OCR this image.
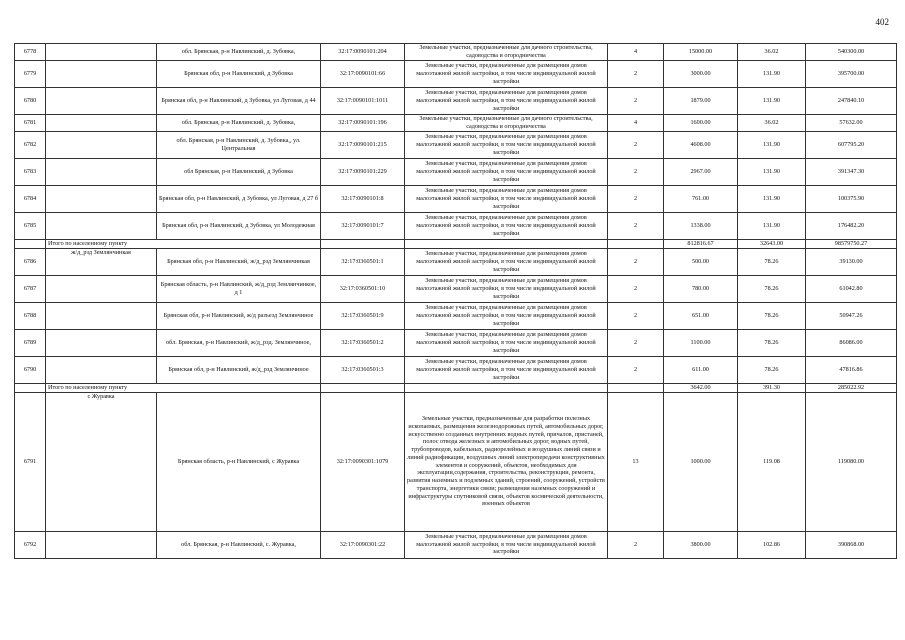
402
6778		обл. Брянская, р-н Навлинский, д. Зубовка,	32:17:0090101:204	Земельные участки, предназначенные для дачного строительства, садоводства и огородничества	4	15000.00	36.02	540300.00
6779		Брянская обл, р-н Навлинский, д Зубовка	32:17:0090101:66	Земельные участки, предназначенные для размещения домов малоэтажной жилой застройки, в том числе индивидуальной жилой застройки	2	3000.00	131.90	395700.00
6780		Брянская обл, р-н Навлинский, д Зубовка, ул Луговая, д 44	32:17:0090101:1011	Земельные участки, предназначенные для размещения домов малоэтажной жилой застройки, в том числе индивидуальной жилой застройки	2	1879.00	131.90	247840.10
6781		обл. Брянская, р-н Навлинский, д. Зубовка,	32:17:0090101:196	Земельные участки, предназначенные для дачного строительства, садоводства и огородничества	4	1600.00	36.02	57632.00
6782		обл. Брянская, р-н Навлинский, д. Зубовка,, ул. Центральная	32:17:0090101:215	Земельные участки, предназначенные для размещения домов малоэтажной жилой застройки, в том числе индивидуальной жилой застройки	2	4608.00	131.90	607795.20
6783		обл Брянская, р-н Навлинский, д Зубовка	32:17:0090101:229	Земельные участки, предназначенные для размещения домов малоэтажной жилой застройки, в том числе индивидуальной жилой застройки	2	2967.00	131.90	391347.30
6784		Брянская обл, р-н Навлинский, д Зубовка, ул Луговая, д 27 б	32:17:0090101:8	Земельные участки, предназначенные для размещения домов малоэтажной жилой застройки, в том числе индивидуальной жилой застройки	2	761.00	131.90	100375.90
6785		Брянская обл, р-н Навлинский, д Зубовка, ул Молодежная	32:17:0090101:7	Земельные участки, предназначенные для размещения домов малоэтажной жилой застройки, в том числе индивидуальной жилой застройки	2	1338.00	131.90	176482.20
	Итого по населенному пункту					812816.67	32643.00	98579750.27
6786	ж/д_рзд Землянчинкая	Брянская обл, р-н Навлинский, ж/д_рзд Землянчинкая	32:17:0360501:1	Земельные участки, предназначенные для размещения домов малоэтажной жилой застройки, в том числе индивидуальной жилой застройки	2	500.00	78.26	39130.00
6787		Брянская область, р-н Навлинский, ж/д_рзд Землянчинкое, д 1	32:17:0360501:10	Земельные участки, предназначенные для размещения домов малоэтажной жилой застройки, в том числе индивидуальной жилой застройки	2	780.00	78.26	61042.80
6788		Брянская обл, р-н Навлинский, ж/д разъезд Землянчиное	32:17:0360501:9	Земельные участки, предназначенные для размещения домов малоэтажной жилой застройки, в том числе индивидуальной жилой застройки	2	651.00	78.26	50947.26
6789		обл. Брянская, р-н Навлинский, ж/д_рзд. Землянчиное,	32:17:0360501:2	Земельные участки, предназначенные для размещения домов малоэтажной жилой застройки, в том числе индивидуальной жилой застройки	2	1100.00	78.26	86086.00
6790		Брянская обл, р-н Навлинский, ж/д_рзд Землянчиное	32:17:0360501:3	Земельные участки, предназначенные для размещения домов малоэтажной жилой застройки, в том числе индивидуальной жилой застройки	2	611.00	78.26	47816.86
	Итого по населенному пункту					3642.00	391.30	285022.92
6791	с Журавка	Брянская область, р-н Навлинский, с Журавка	32:17:0090301:1079	Земельные участки, предназначенные для разработки полезных ископаемых, размещения железнодорожных путей, автомобильных дорог, искусственно созданных внутренних водных путей, причалов, пристаней, полос отвода железных и автомобильных дорог, водных путей, трубопроводов, кабельных, радиорелейных и воздушных линий связи и линий радиофикации, воздушных линий электропередачи конструктивных элементов и сооружений, объектов, необходимых для эксплуатации,содержания, строительства, реконструкции, ремонта, развития наземных и подземных зданий, строений, сооружений, устройств транспорта, энергетики связи; размещения наземных сооружений и инфраструктуры спутниковой связи, объектов космической деятельности, военных объектов	13	1000.00	119.08	119080.00
6792		обл. Брянская, р-н Навлинский, с. Журавка,	32:17:0090301:22	Земельные участки, предназначенные для размещения домов малоэтажной жилой застройки, в том числе индивидуальной жилой застройки	2	3800.00	102.86	390868.00
